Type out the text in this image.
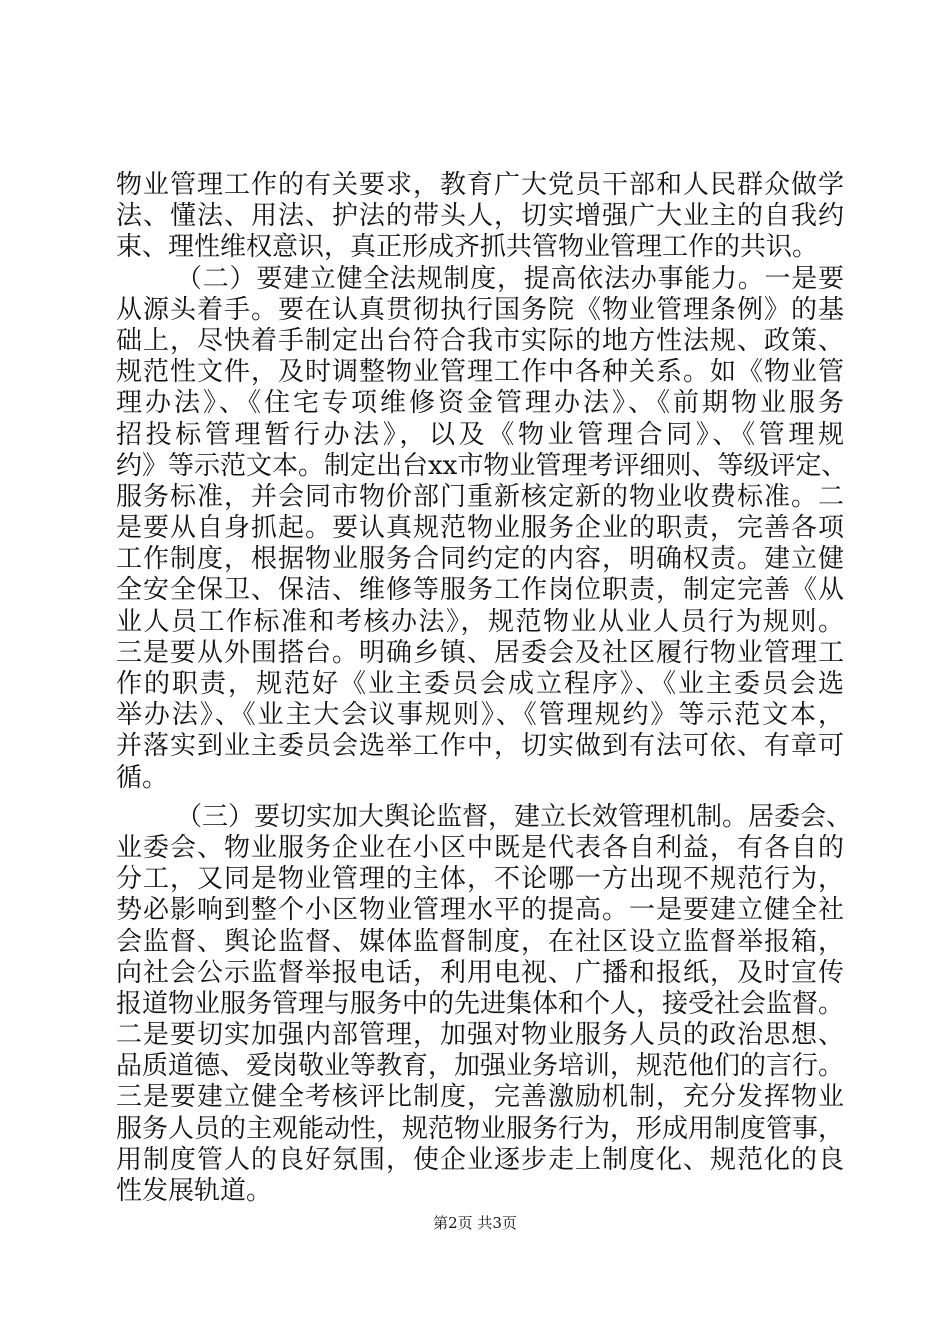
物业管理工作的有关要求，教育广大党员干部和人民群众做学
法、懂法、用法、护法的带头人，切实增强广大业主的自我约
束、理性维权意识，真正形成齐抓共管物业管理工作的共识。
（二）要建立健全法规制度，提高依法办事能力。一是要
从源头着手。要在认真贯彻执行国务院《物业管理条例》的基
础上，尽快着手制定出台符合我市实际的地方性法规、政策、
规范性文件，及时调整物业管理工作中各种关系。如《物业管
理办法》、《住宅专项维修资金管理办法》、《前期物业服务
招投标管理暂行办法》，以及《物业管理合同》、《管理规
约》等示范文本。制定出台xx市物业管理考评细则、等级评定、
服务标准，并会同市物价部门重新核定新的物业收费标准。二
是要从自身抓起。要认真规范物业服务企业的职责，完善各项
工作制度，根据物业服务合同约定的内容，明确权责。建立健
全安全保卫、保洁、维修等服务工作岗位职责，制定完善《从
业人员工作标准和考核办法》，规范物业从业人员行为规则。
三是要从外围搭台。明确乡镇、居委会及社区履行物业管理工
作的职责，规范好《业主委员会成立程序》、《业主委员会选
举办法》、《业主大会议事规则》、《管理规约》等示范文本，
并落实到业主委员会选举工作中，切实做到有法可依、有章可
循。
（三）要切实加大舆论监督，建立长效管理机制。居委会、
业委会、物业服务企业在小区中既是代表各自利益，有各自的
分工，又同是物业管理的主体，不论哪一方出现不规范行为，
势必影响到整个小区物业管理水平的提高。一是要建立健全社
会监督、舆论监督、媒体监督制度，在社区设立监督举报箱，
向社会公示监督举报电话，利用电视、广播和报纸，及时宣传
报道物业服务管理与服务中的先进集体和个人，接受社会监督。
二是要切实加强内部管理，加强对物业服务人员的政治思想、
品质道德、爱岗敬业等教育，加强业务培训，规范他们的言行。
三是要建立健全考核评比制度，完善激励机制，充分发挥物业
服务人员的主观能动性，规范物业服务行为，形成用制度管事，
用制度管人的良好氛围，使企业逐步走上制度化、规范化的良
性发展轨道。
第2页 共3页
